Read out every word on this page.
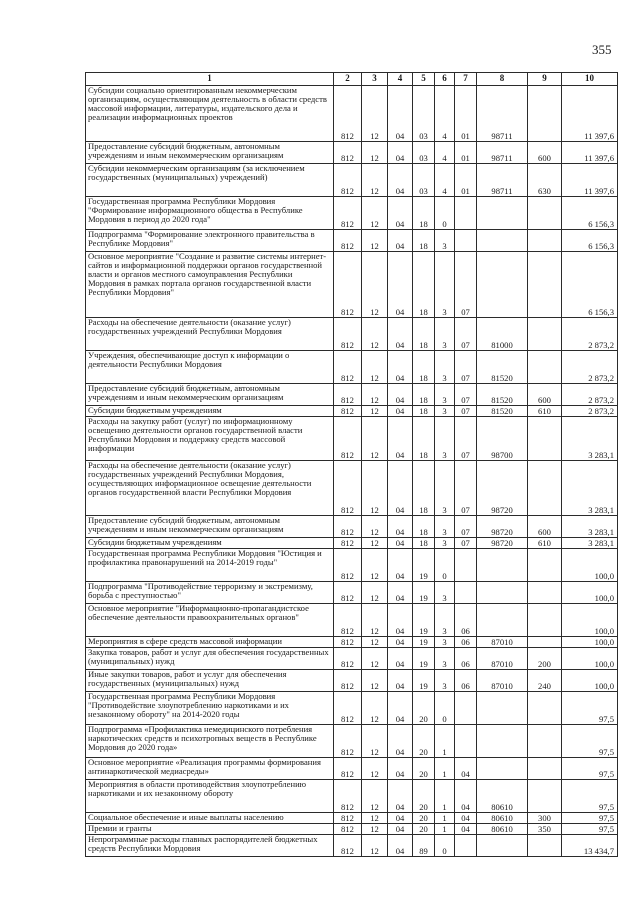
355
1	2	3	4	5	6	7	8	9	10
Субсидии социально ориентированным некоммерческим организациям, осуществляющим деятельность в области средств массовой информации, литературы, издательского дела и реализации информационных проектов	812	12	04	03	4	01	98711		11 397,6
Предоставление субсидий бюджетным, автономным учреждениям и иным некоммерческим организациям	812	12	04	03	4	01	98711	600	11 397,6
Субсидии некоммерческим организациям (за исключением государственных (муниципальных) учреждений)	812	12	04	03	4	01	98711	630	11 397,6
Государственная программа Республики Мордовия "Формирование информационного общества в Республике Мордовия в период до 2020 года"	812	12	04	18	0				6 156,3
Подпрограмма "Формирование электронного правительства в Республике Мордовия"	812	12	04	18	3				6 156,3
Основное мероприятие "Создание и развитие системы интернет-сайтов и информационной поддержки органов государственной власти и органов местного самоуправления Республики Мордовия в рамках портала органов государственной власти Республики Мордовия"	812	12	04	18	3	07			6 156,3
Расходы на обеспечение деятельности (оказание услуг) государственных учреждений Республики Мордовия	812	12	04	18	3	07	81000		2 873,2
Учреждения, обеспечивающие доступ к информации о деятельности Республики Мордовия	812	12	04	18	3	07	81520		2 873,2
Предоставление субсидий бюджетным, автономным учреждениям и иным некоммерческим организациям	812	12	04	18	3	07	81520	600	2 873,2
Субсидии бюджетным учреждениям	812	12	04	18	3	07	81520	610	2 873,2
Расходы на закупку работ (услуг) по информационному освещению деятельности органов государственной власти Республики Мордовия и поддержку средств массовой информации	812	12	04	18	3	07	98700		3 283,1
Расходы на обеспечение деятельности (оказание услуг) государственных учреждений Республики Мордовия, осуществляющих информационное освещение деятельности органов государственной власти Республики Мордовия	812	12	04	18	3	07	98720		3 283,1
Предоставление субсидий бюджетным, автономным учреждениям и иным некоммерческим организациям	812	12	04	18	3	07	98720	600	3 283,1
Субсидии бюджетным учреждениям	812	12	04	18	3	07	98720	610	3 283,1
Государственная программа Республики Мордовия "Юстиция и профилактика правонарушений на 2014-2019 годы"	812	12	04	19	0				100,0
Подпрограмма "Противодействие терроризму и экстремизму, борьба с преступностью"	812	12	04	19	3				100,0
Основное мероприятие "Информационно-пропагандистское обеспечение деятельности правоохранительных органов"	812	12	04	19	3	06			100,0
Мероприятия в сфере средств массовой информации	812	12	04	19	3	06	87010		100,0
Закупка товаров, работ и услуг для обеспечения государственных (муниципальных) нужд	812	12	04	19	3	06	87010	200	100,0
Иные закупки товаров, работ и услуг для обеспечения государственных (муниципальных) нужд	812	12	04	19	3	06	87010	240	100,0
Государственная программа Республики Мордовия "Противодействие злоупотреблению наркотиками и их незаконному обороту" на 2014-2020 годы	812	12	04	20	0				97,5
Подпрограмма «Профилактика немедицинского потребления наркотических средств и психотропных веществ в Республике Мордовия до 2020 года»	812	12	04	20	1				97,5
Основное мероприятие «Реализация программы формирования антинаркотической медиасреды»	812	12	04	20	1	04			97,5
Мероприятия в области противодействия злоупотреблению наркотиками и их незаконному обороту	812	12	04	20	1	04	80610		97,5
Социальное обеспечение и иные выплаты населению	812	12	04	20	1	04	80610	300	97,5
Премии и гранты	812	12	04	20	1	04	80610	350	97,5
Непрограммные расходы главных распорядителей бюджетных средств Республики Мордовия	812	12	04	89	0				13 434,7
